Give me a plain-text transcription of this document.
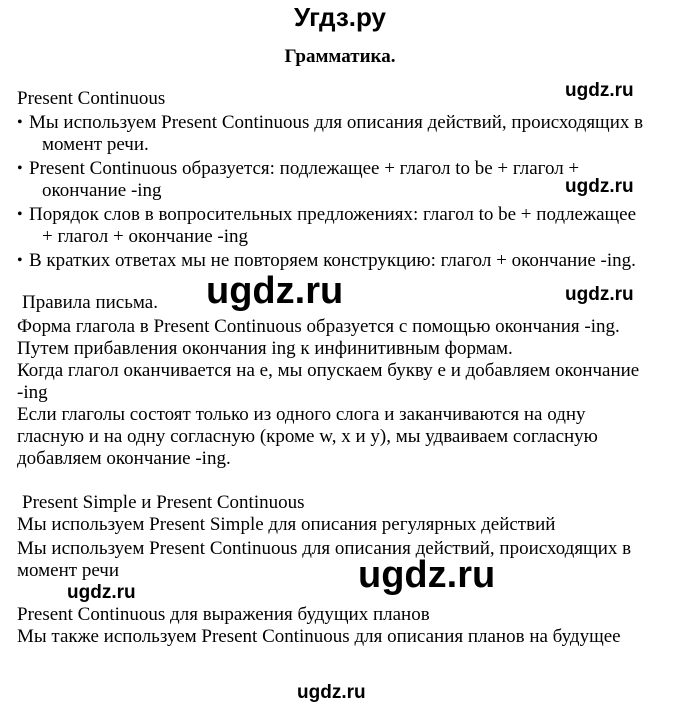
Угдз.ру
Грамматика.
ugdz.ru
ugdz.ru
ugdz.ru
ugdz.ru
ugdz.ru
ugdz.ru
ugdz.ru
Present Continuous
• Мы используем Present Continuous для описания действий, происходящих в
момент речи.
• Present Continuous образуется: подлежащее + глагол to be + глагол +
окончание -ing
• Порядок слов в вопросительных предложениях: глагол to be + подлежащее
+ глагол + окончание -ing
• В кратких ответах мы не повторяем конструкцию: глагол + окончание -ing.
Правила письма.
Форма глагола в Present Continuous образуется с помощью окончания -ing.
Путем прибавления окончания ing к инфинитивным формам.
Когда глагол оканчивается на е, мы опускаем букву е и добавляем окончание
-ing
Если глаголы состоят только из одного слога и заканчиваются на одну
гласную и на одну согласную (кроме w, х и у), мы удваиваем согласную
добавляем окончание -ing.
Present Simple и Present Continuous
Мы используем Present Simple для описания регулярных действий
Мы используем Present Continuous для описания действий, происходящих в
момент речи
Present Continuous для выражения будущих планов
Мы также используем Present Continuous для описания планов на будущее
